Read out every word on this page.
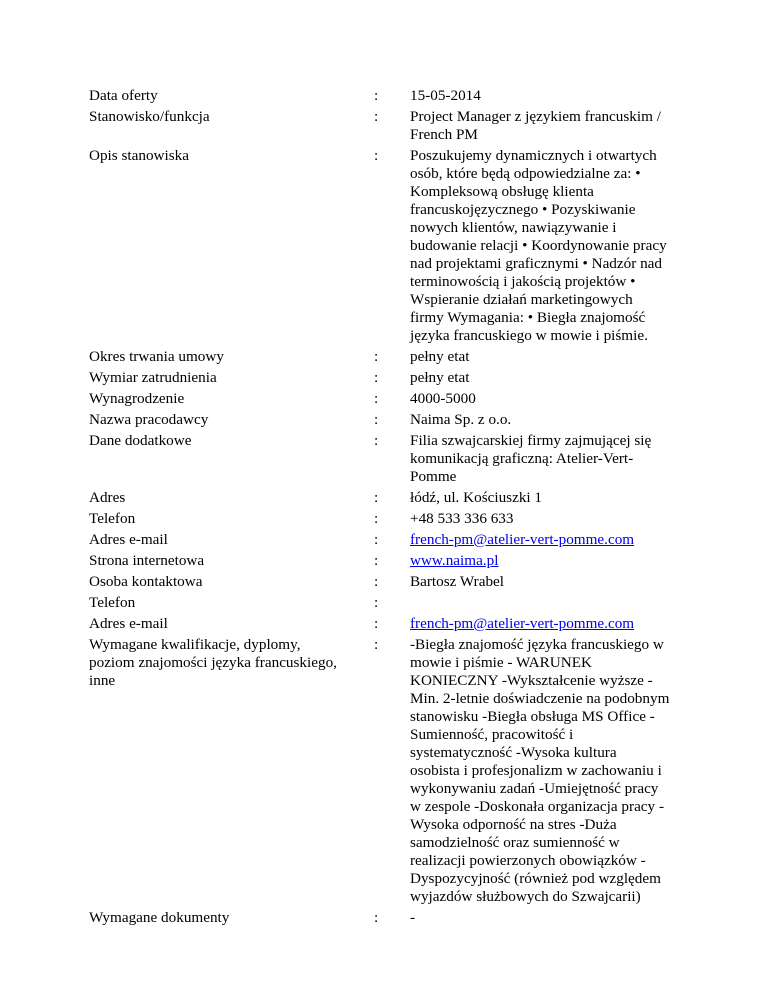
Data oferty	:	15-05-2014
Stanowisko/funkcja	:	Project Manager z językiem francuskim /
French PM
Opis stanowiska	:	Poszukujemy dynamicznych i otwartych
osób, które będą odpowiedzialne za: •
Kompleksową obsługę klienta
francuskojęzycznego • Pozyskiwanie
nowych klientów, nawiązywanie i
budowanie relacji • Koordynowanie pracy
nad projektami graficznymi • Nadzór nad
terminowością i jakością projektów •
Wspieranie działań marketingowych
firmy Wymagania: • Biegła znajomość
języka francuskiego w mowie i piśmie.
Okres trwania umowy	:	pełny etat
Wymiar zatrudnienia	:	pełny etat
Wynagrodzenie	:	4000-5000
Nazwa pracodawcy	:	Naima Sp. z o.o.
Dane dodatkowe	:	Filia szwajcarskiej firmy zajmującej się
komunikacją graficzną: Atelier-Vert-
Pomme
Adres	:	łódź, ul. Kościuszki 1
Telefon	:	+48 533 336 633
Adres e-mail	:	french-pm@atelier-vert-pomme.com
Strona internetowa	:	www.naima.pl
Osoba kontaktowa	:	Bartosz Wrabel
Telefon	:
Adres e-mail	:	french-pm@atelier-vert-pomme.com
Wymagane kwalifikacje, dyplomy,
poziom znajomości języka francuskiego,
inne
:	-Biegła znajomość języka francuskiego w
mowie i piśmie - WARUNEK
KONIECZNY -Wykształcenie wyższe -
Min. 2-letnie doświadczenie na podobnym
stanowisku -Biegła obsługa MS Office -
Sumienność, pracowitość i
systematyczność -Wysoka kultura
osobista i profesjonalizm w zachowaniu i
wykonywaniu zadań -Umiejętność pracy
w zespole -Doskonała organizacja pracy -
Wysoka odporność na stres -Duża
samodzielność oraz sumienność w
realizacji powierzonych obowiązków -
Dyspozycyjność (również pod względem
wyjazdów służbowych do Szwajcarii)
Wymagane dokumenty	:	-
